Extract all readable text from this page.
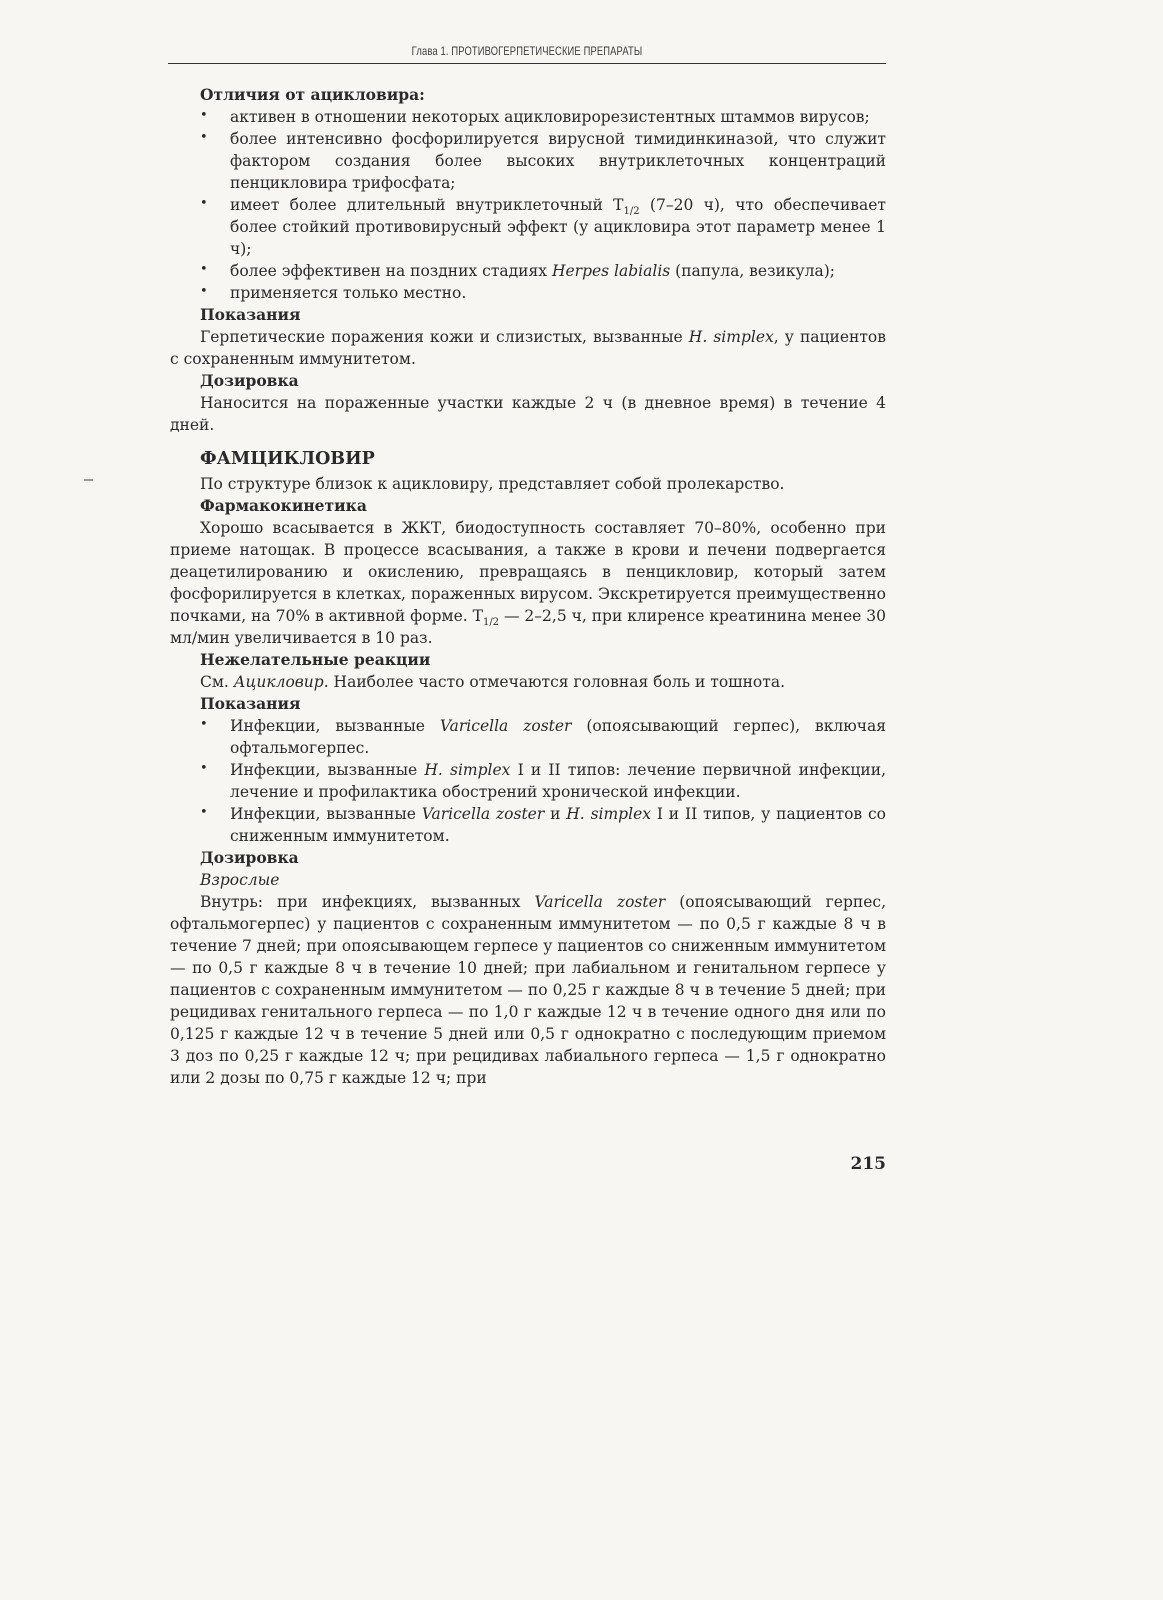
Глава 1. ПРОТИВОГЕРПЕТИЧЕСКИЕ ПРЕПАРАТЫ

Отличия от ацикловира:

• активен в отношении некоторых ацикловирорезистентных штаммов вирусов;
• более интенсивно фосфорилируется вирусной тимидинкиназой, что служит фактором создания более высоких внутриклеточных концентраций пенцикловира трифосфата;
• имеет более длительный внутриклеточный $T_{1/2}$ (7–20 ч), что обеспечивает более стойкий противовирусный эффект (у ацикловира этот параметр менее 1 ч);
• более эффективен на поздних стадиях Herpes labialis (папула, везикула);
• применяется только местно.

Показания

Герпетические поражения кожи и слизистых, вызванные H. simplex, у пациентов с сохраненным иммунитетом.

Дозировка

Наносится на пораженные участки каждые 2 ч (в дневное время) в течение 4 дней.

ФАМЦИКЛОВИР

По структуре близок к ацикловиру, представляет собой пролекарство.

Фармакокинетика

Хорошо всасывается в ЖКТ, биодоступность составляет 70–80%, особенно при приеме натощак. В процессе всасывания, а также в крови и печени подвергается деацетилированию и окислению, превращаясь в пенцикловир, который затем фосфорилируется в клетках, пораженных вирусом. Экскретируется преимущественно почками, на 70% в активной форме. $T_{1/2}$ — 2–2,5 ч, при клиренсе креатинина менее 30 мл/мин увеличивается в 10 раз.

Нежелательные реакции

См. Ацикловир. Наиболее часто отмечаются головная боль и тошнота.

Показания

• Инфекции, вызванные Varicella zoster (опоясывающий герпес), включая офтальмогерпес.
• Инфекции, вызванные H. simplex I и II типов: лечение первичной инфекции, лечение и профилактика обострений хронической инфекции.
• Инфекции, вызванные Varicella zoster и H. simplex I и II типов, у пациентов со сниженным иммунитетом.

Дозировка

Взрослые

Внутрь: при инфекциях, вызванных Varicella zoster (опоясывающий герпес, офтальмогерпес) у пациентов с сохраненным иммунитетом — по 0,5 г каждые 8 ч в течение 7 дней; при опоясывающем герпесе у пациентов со сниженным иммунитетом — по 0,5 г каждые 8 ч в течение 10 дней; при лабиальном и генитальном герпесе у пациентов с сохраненным иммунитетом — по 0,25 г каждые 8 ч в течение 5 дней; при рецидивах генитального герпеса — по 1,0 г каждые 12 ч в течение одного дня или по 0,125 г каждые 12 ч в течение 5 дней или 0,5 г однократно с последующим приемом 3 доз по 0,25 г каждые 12 ч; при рецидивах лабиального герпеса — 1,5 г однократно или 2 дозы по 0,75 г каждые 12 ч; при

215
